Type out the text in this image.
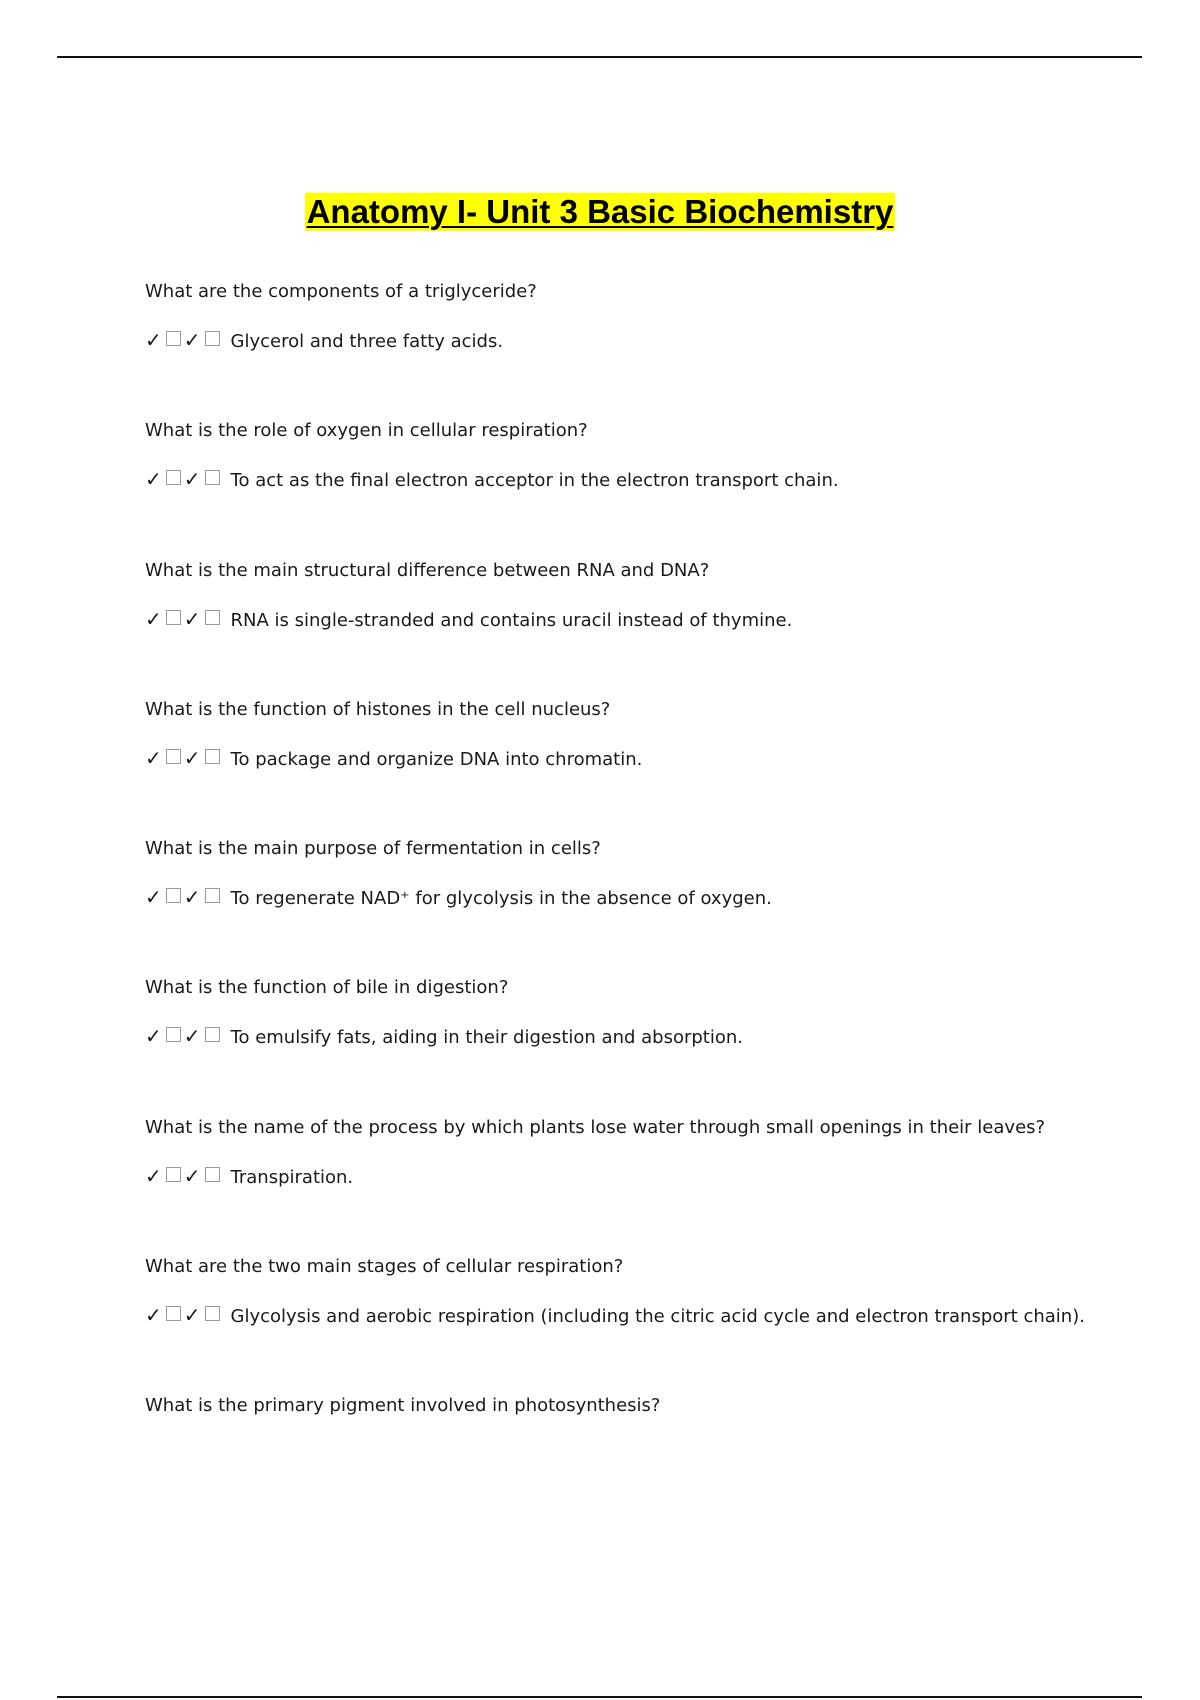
Anatomy I- Unit 3 Basic Biochemistry

What are the components of a triglyceride?

✓ ✓ Glycerol and three fatty acids.

What is the role of oxygen in cellular respiration?

✓ ✓ To act as the final electron acceptor in the electron transport chain.

What is the main structural difference between RNA and DNA?

✓ ✓ RNA is single-stranded and contains uracil instead of thymine.

What is the function of histones in the cell nucleus?

✓ ✓ To package and organize DNA into chromatin.

What is the main purpose of fermentation in cells?

✓ ✓ To regenerate NAD⁺ for glycolysis in the absence of oxygen.

What is the function of bile in digestion?

✓ ✓ To emulsify fats, aiding in their digestion and absorption.

What is the name of the process by which plants lose water through small openings in their leaves?

✓ ✓ Transpiration.

What are the two main stages of cellular respiration?

✓ ✓ Glycolysis and aerobic respiration (including the citric acid cycle and electron transport chain).

What is the primary pigment involved in photosynthesis?
